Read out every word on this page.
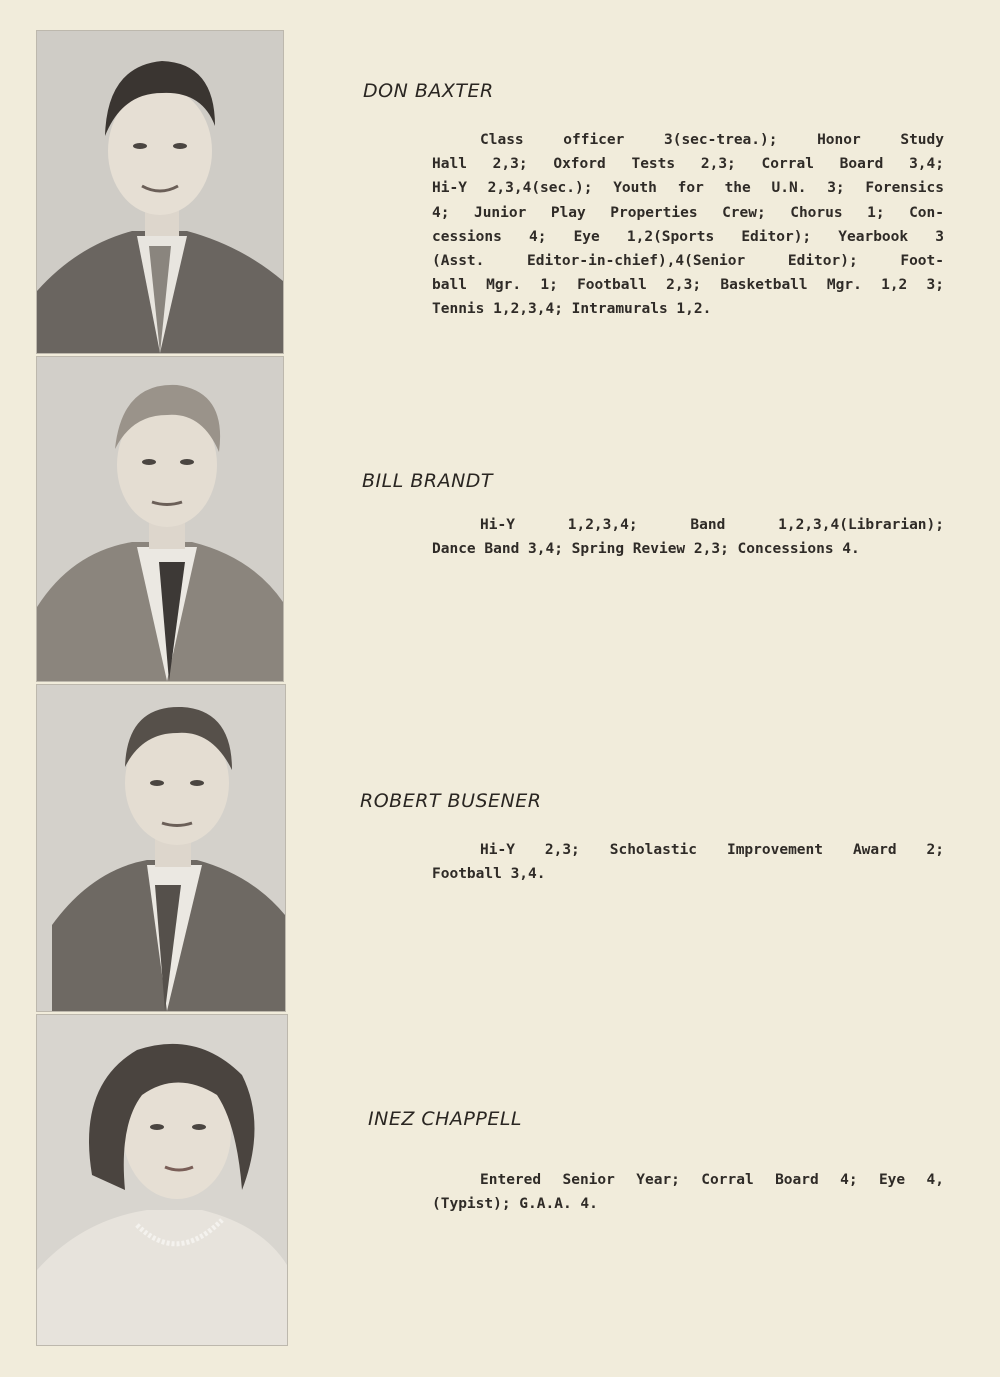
DON BAXTER

Class officer 3(sec-trea.); Honor Study

Hall 2,3; Oxford Tests 2,3; Corral Board 3,4;

Hi-Y 2,3,4(sec.); Youth for the U.N. 3; Forensics

4; Junior Play Properties Crew; Chorus 1; Con-

cessions 4; Eye 1,2(Sports Editor); Yearbook 3

(Asst. Editor-in-chief),4(Senior Editor); Foot-

ball Mgr. 1; Football 2,3; Basketball Mgr. 1,2 3;

Tennis 1,2,3,4; Intramurals 1,2.

BILL BRANDT

Hi-Y 1,2,3,4; Band 1,2,3,4(Librarian);

Dance Band 3,4; Spring Review 2,3; Concessions 4.

ROBERT BUSENER

Hi-Y 2,3; Scholastic Improvement Award 2;

Football 3,4.

INEZ CHAPPELL

Entered Senior Year; Corral Board 4; Eye 4,

(Typist); G.A.A. 4.
